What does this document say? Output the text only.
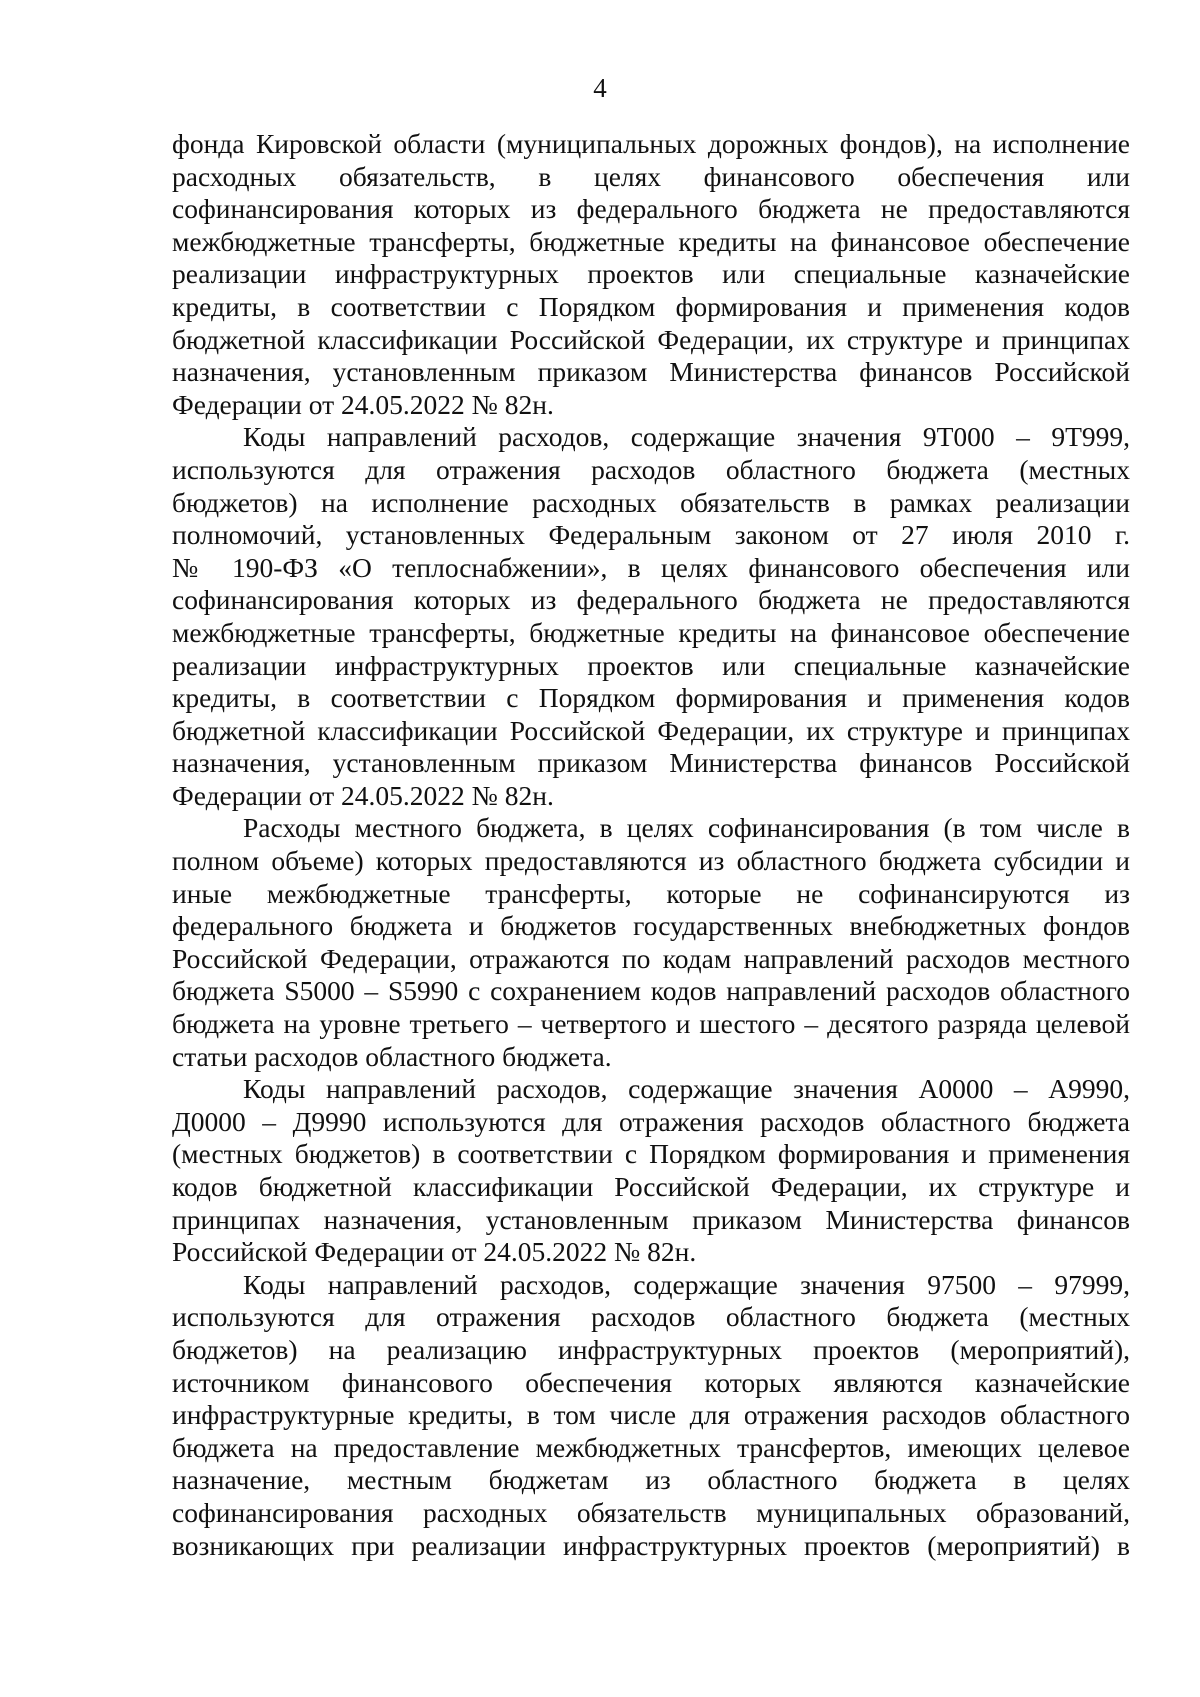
4
фонда Кировской области (муниципальных дорожных фондов), на исполнение
расходных обязательств, в целях финансового обеспечения или
софинансирования которых из федерального бюджета не предоставляются
межбюджетные трансферты, бюджетные кредиты на финансовое обеспечение
реализации инфраструктурных проектов или специальные казначейские
кредиты, в соответствии с Порядком формирования и применения кодов
бюджетной классификации Российской Федерации, их структуре и принципах
назначения, установленным приказом Министерства финансов Российской
Федерации от 24.05.2022 № 82н.
Коды направлений расходов, содержащие значения 9Т000 – 9Т999,
используются для отражения расходов областного бюджета (местных
бюджетов) на исполнение расходных обязательств в рамках реализации
полномочий, установленных Федеральным законом от 27 июля 2010 г.
№ 190-ФЗ «О теплоснабжении», в целях финансового обеспечения или
софинансирования которых из федерального бюджета не предоставляются
межбюджетные трансферты, бюджетные кредиты на финансовое обеспечение
реализации инфраструктурных проектов или специальные казначейские
кредиты, в соответствии с Порядком формирования и применения кодов
бюджетной классификации Российской Федерации, их структуре и принципах
назначения, установленным приказом Министерства финансов Российской
Федерации от 24.05.2022 № 82н.
Расходы местного бюджета, в целях софинансирования (в том числе в
полном объеме) которых предоставляются из областного бюджета субсидии и
иные межбюджетные трансферты, которые не софинансируются из
федерального бюджета и бюджетов государственных внебюджетных фондов
Российской Федерации, отражаются по кодам направлений расходов местного
бюджета S5000 – S5990 с сохранением кодов направлений расходов областного
бюджета на уровне третьего – четвертого и шестого – десятого разряда целевой
статьи расходов областного бюджета.
Коды направлений расходов, содержащие значения А0000 – А9990,
Д0000 – Д9990 используются для отражения расходов областного бюджета
(местных бюджетов) в соответствии с Порядком формирования и применения
кодов бюджетной классификации Российской Федерации, их структуре и
принципах назначения, установленным приказом Министерства финансов
Российской Федерации от 24.05.2022 № 82н.
Коды направлений расходов, содержащие значения 97500 – 97999,
используются для отражения расходов областного бюджета (местных
бюджетов) на реализацию инфраструктурных проектов (мероприятий),
источником финансового обеспечения которых являются казначейские
инфраструктурные кредиты, в том числе для отражения расходов областного
бюджета на предоставление межбюджетных трансфертов, имеющих целевое
назначение, местным бюджетам из областного бюджета в целях
софинансирования расходных обязательств муниципальных образований,
возникающих при реализации инфраструктурных проектов (мероприятий) в
